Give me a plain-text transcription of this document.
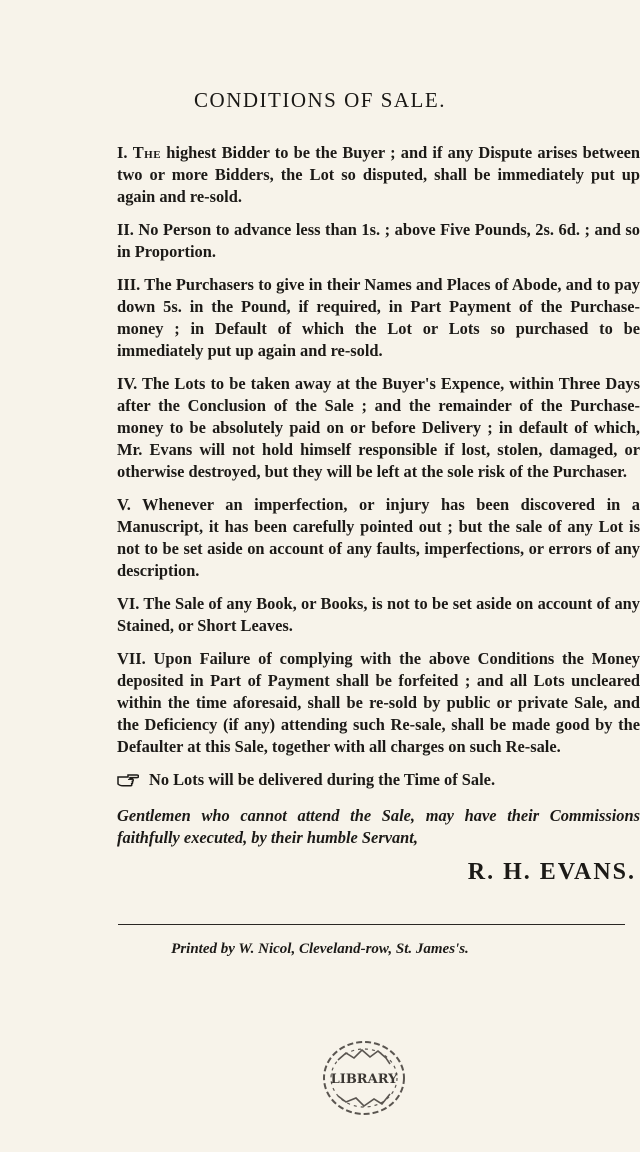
CONDITIONS OF SALE.

I. The highest Bidder to be the Buyer ; and if any Dispute arises between two or more Bidders, the Lot so disputed, shall be immediately put up again and re-sold.

II. No Person to advance less than 1s. ; above Five Pounds, 2s. 6d. ; and so in Proportion.

III. The Purchasers to give in their Names and Places of Abode, and to pay down 5s. in the Pound, if required, in Part Payment of the Purchase-money ; in Default of which the Lot or Lots so purchased to be immediately put up again and re-sold.

IV. The Lots to be taken away at the Buyer's Expence, within Three Days after the Conclusion of the Sale ; and the remainder of the Purchase-money to be absolutely paid on or before Delivery ; in default of which, Mr. Evans will not hold himself responsible if lost, stolen, damaged, or otherwise destroyed, but they will be left at the sole risk of the Purchaser.

V. Whenever an imperfection, or injury has been discovered in a Manuscript, it has been carefully pointed out ; but the sale of any Lot is not to be set aside on account of any faults, imperfections, or errors of any description.

VI. The Sale of any Book, or Books, is not to be set aside on account of any Stained, or Short Leaves.

VII. Upon Failure of complying with the above Conditions the Money deposited in Part of Payment shall be forfeited ; and all Lots uncleared within the time aforesaid, shall be re-sold by public or private Sale, and the Deficiency (if any) attending such Re-sale, shall be made good by the Defaulter at this Sale, together with all charges on such Re-sale.

No Lots will be delivered during the Time of Sale.

Gentlemen who cannot attend the Sale, may have their Commissions faithfully executed, by their humble Servant,

R. H. EVANS.
Printed by W. Nicol, Cleveland-row, St. James's.
LIBRARY
